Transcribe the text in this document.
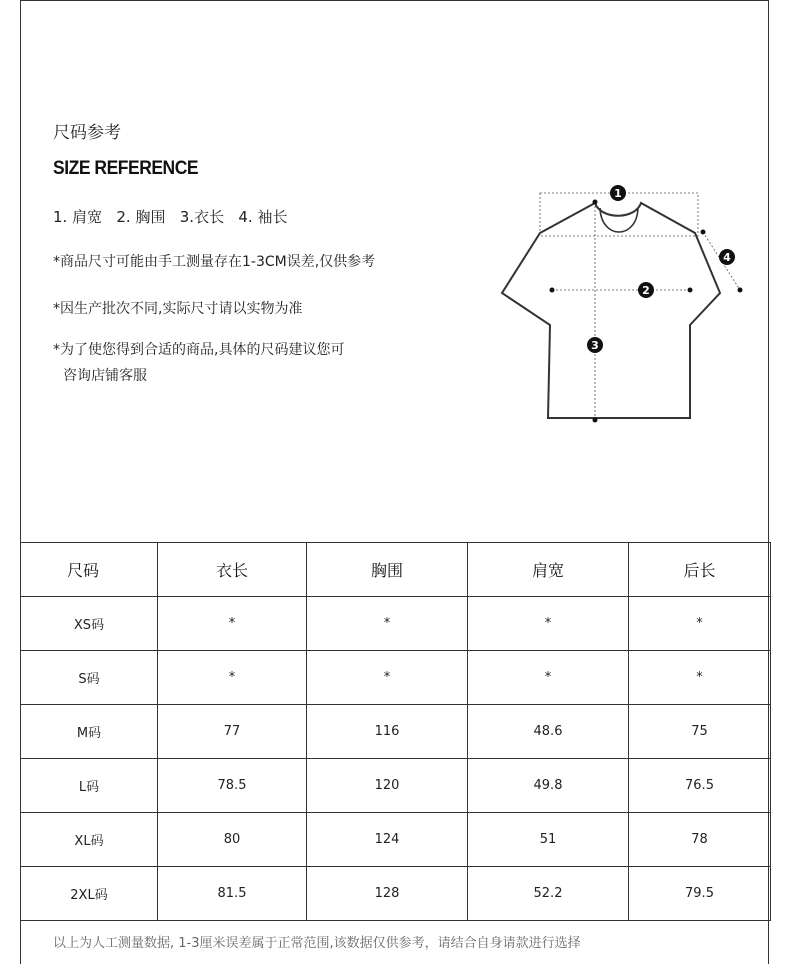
尺码参考
SIZE REFERENCE
1. 肩宽   2. 胸围   3.衣长   4. 袖长
*商品尺寸可能由手工测量存在1-3CM误差,仅供参考
*因生产批次不同,实际尺寸请以实物为准
*为了使您得到合适的商品,具体的尺码建议您可
咨询店铺客服
1
2
3
4
尺码	衣长	胸围	肩宽	后长
XS码	*	*	*	*
S码	*	*	*	*
M码	77	116	48.6	75
L码	78.5	120	49.8	76.5
XL码	80	124	51	78
2XL码	81.5	128	52.2	79.5
以上为人工测量数据, 1-3厘米误差属于正常范围,该数据仅供参考，请结合自身请款进行选择
